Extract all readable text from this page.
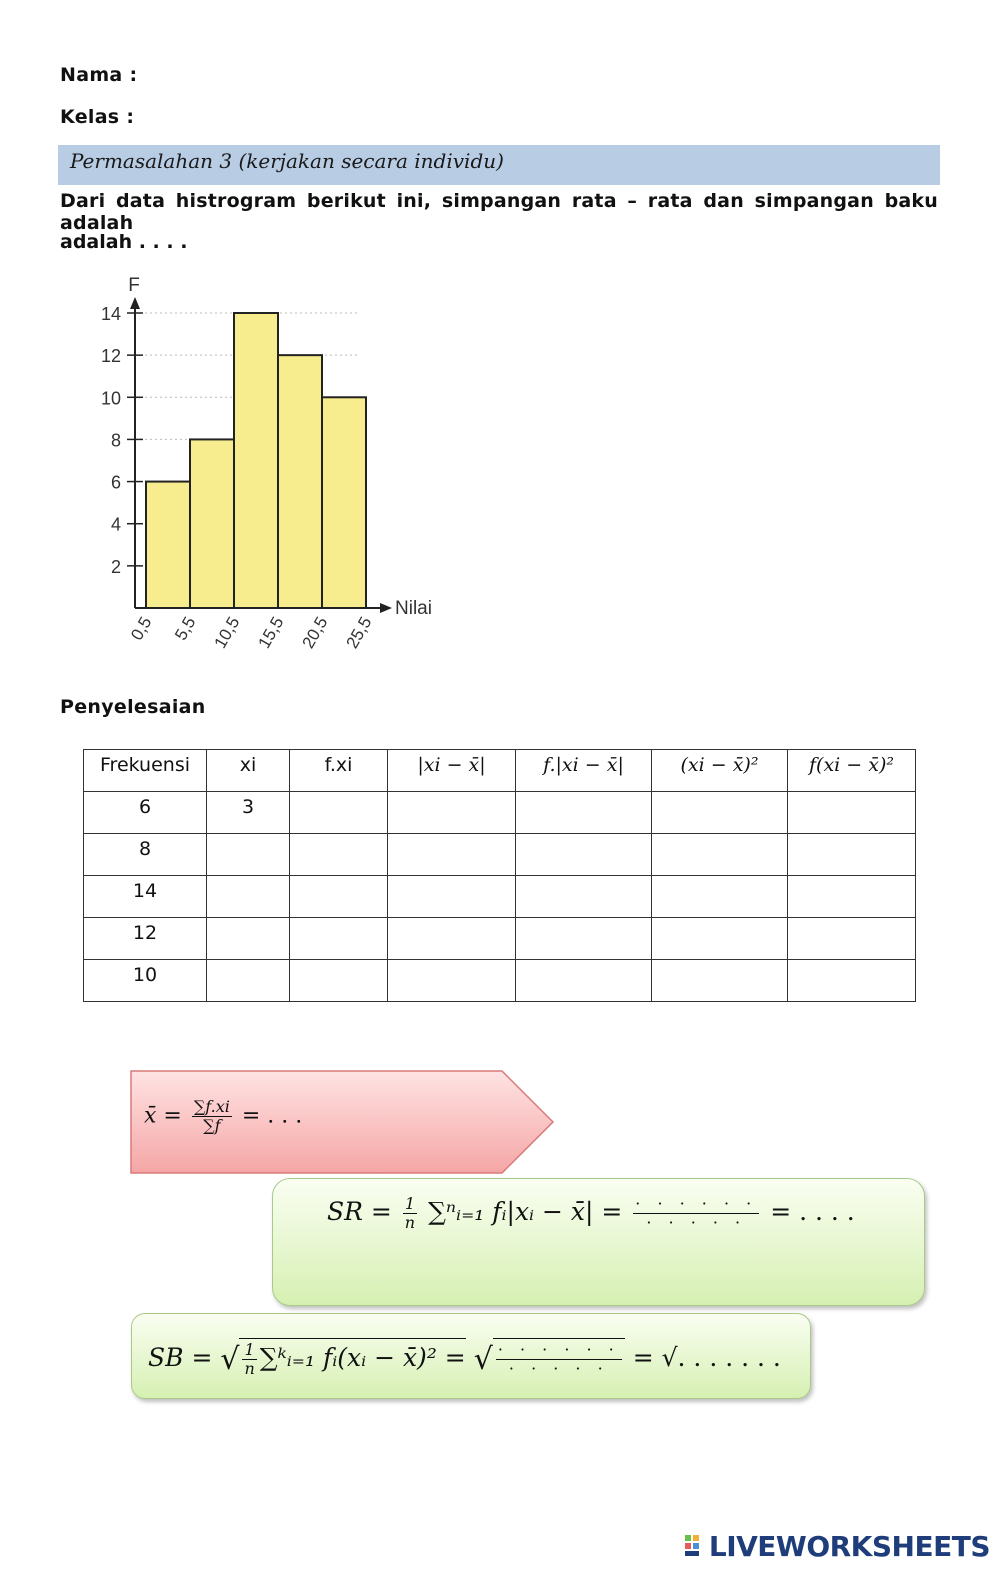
Nama :
Kelas :
Permasalahan 3 (kerjakan secara individu)
Dari data histrogram berikut ini, simpangan rata – rata dan simpangan baku adalah
adalah . . . .
2
4
6
8
10
12
14
0,5 5,5 10,5 15,5 20,5 25,5
F
Nilai
Penyelesaian
Frekuensi	xi	f.xi	|xi − x̄|	f.|xi − x̄|	(xi − x̄)²	f(xi − x̄)²
6	3					
8						
14						
12						
10						
x̄ = $\frac{\sum f.xi}{\sum f}$ = . . .
SR = $\frac{1}{n}$ ∑ⁿᵢ₌₁ fᵢ|xᵢ − x̄| = $\frac{\cdot \cdot \cdot \cdot \cdot \cdot}{\cdot \cdot \cdot \cdot \cdot}$ = . . . .
SB = √ $\frac{1}{n}$ ∑ᵏᵢ₌₁ fᵢ(xᵢ − x̄)² = √ $\frac{\cdot \cdot \cdot \cdot \cdot \cdot}{\cdot \cdot \cdot \cdot \cdot}$ = √. . . . . . .
LIVEWORKSHEETS
